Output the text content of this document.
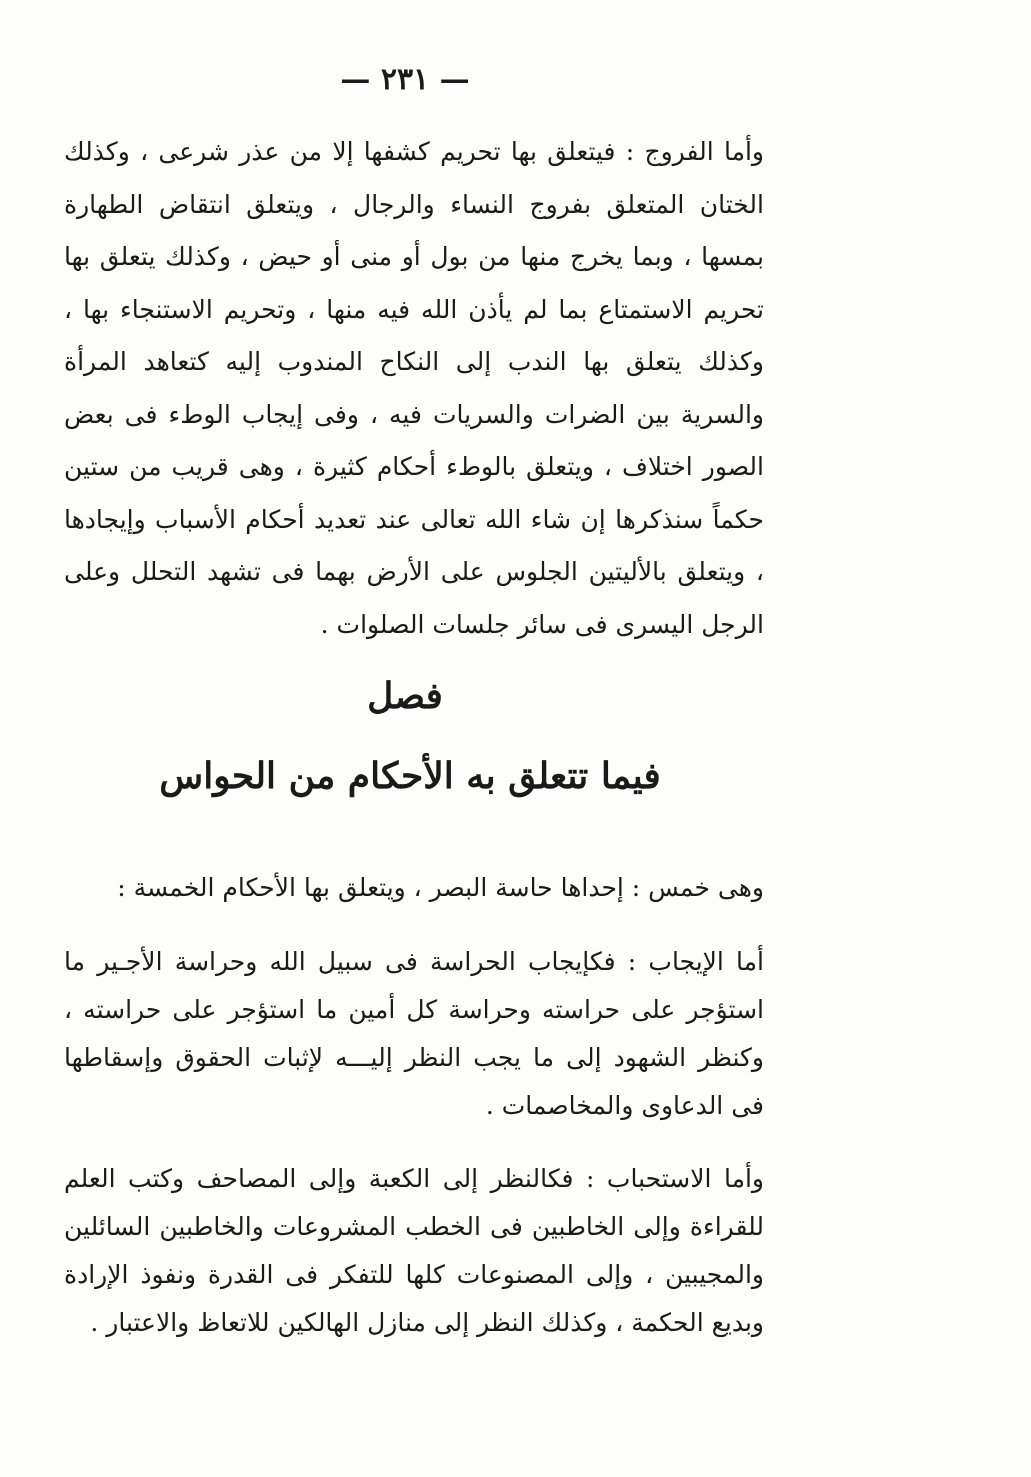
— ٢٣١ —

وأما الفروج : فيتعلق بها تحريم كشفها إلا من عذر شرعى ، وكذلك الختان المتعلق بفروج النساء والرجال ، ويتعلق انتقاض الطهارة بمسها ، وبما يخرج منها من بول أو منى أو حيض ، وكذلك يتعلق بها تحريم الاستمتاع بما لم يأذن الله فيه منها ، وتحريم الاستنجاء بها ، وكذلك يتعلق بها الندب إلى النكاح المندوب إليه كتعاهد المرأة والسرية بين الضرات والسريات فيه ، وفى إيجاب الوطء فى بعض الصور اختلاف ، ويتعلق بالوطء أحكام كثيرة ، وهى قريب من ستين حكماً سنذكرها إن شاء الله تعالى عند تعديد أحكام الأسباب وإيجادها ، ويتعلق بالأليتين الجلوس على الأرض بهما فى تشهد التحلل وعلى الرجل اليسرى فى سائر جلسات الصلوات .

فصل
فيما تتعلق به الأحكام من الحواس

وهى خمس : إحداها حاسة البصر ، ويتعلق بها الأحكام الخمسة :

أما الإيجاب : فكإيجاب الحراسة فى سبيل الله وحراسة الأجـير ما استؤجر على حراسته وحراسة كل أمين ما استؤجر على حراسته ، وكنظر الشهود إلى ما يجب النظر إليـــه لإثبات الحقوق وإسقاطها فى الدعاوى والمخاصمات .

وأما الاستحباب : فكالنظر إلى الكعبة وإلى المصاحف وكتب العلم للقراءة وإلى الخاطبين فى الخطب المشروعات والخاطبين السائلين والمجيبين ، وإلى المصنوعات كلها للتفكر فى القدرة ونفوذ الإرادة وبديع الحكمة ، وكذلك النظر إلى منازل الهالكين للاتعاظ والاعتبار .
